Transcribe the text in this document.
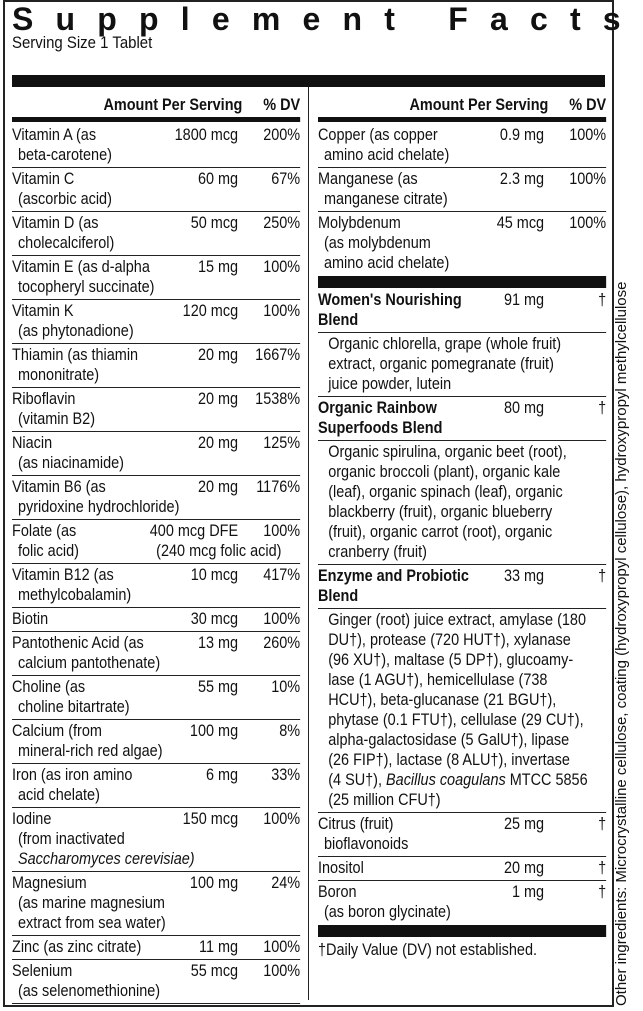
Supplement Facts
Serving Size 1 Tablet
Amount Per Serving % DV
Vitamin A (as	1800 mcg 200%
beta-carotene)
Vitamin C	60 mg 67%
(ascorbic acid)
Vitamin D (as	50 mcg 250%
cholecalciferol)
Vitamin E (as d-alpha	15 mg 100%
tocopheryl succinate)
Vitamin K	120 mcg 100%
(as phytonadione)
Thiamin (as thiamin	20 mg 1667%
mononitrate)
Riboflavin	20 mg 1538%
(vitamin B2)
Niacin	20 mg 125%
(as niacinamide)
Vitamin B6 (as	20 mg 1176%
pyridoxine hydrochloride)
Folate (as	400 mcg DFE 100%
folic acid)	(240 mcg folic acid)
Vitamin B12 (as	10 mcg 417%
methylcobalamin)
Biotin	30 mcg 100%
Pantothenic Acid (as	13 mg 260%
calcium pantothenate)
Choline (as	55 mg 10%
choline bitartrate)
Calcium (from	100 mg 8%
mineral-rich red algae)
Iron (as iron amino	6 mg 33%
acid chelate)
Iodine	150 mcg 100%
(from inactivated
Saccharomyces cerevisiae)
Magnesium	100 mg 24%
(as marine magnesium
extract from sea water)
Zinc (as zinc citrate)	11 mg 100%
Selenium	55 mcg 100%
(as selenomethionine)
Amount Per Serving % DV
Copper (as copper	0.9 mg 100%
amino acid chelate)
Manganese (as	2.3 mg 100%
manganese citrate)
Molybdenum	45 mcg 100%
(as molybdenum
amino acid chelate)
Women's Nourishing 91 mg	†
Blend
Organic chlorella, grape (whole fruit)
extract, organic pomegranate (fruit)
juice powder, lutein
Organic Rainbow	80 mg	†
Superfoods Blend
Organic spirulina, organic beet (root),
organic broccoli (plant), organic kale
(leaf), organic spinach (leaf), organic
blackberry (fruit), organic blueberry
(fruit), organic carrot (root), organic
cranberry (fruit)
Enzyme and Probiotic 33 mg	†
Blend
Ginger (root) juice extract, amylase (180
DU†), protease (720 HUT†), xylanase
(96 XU†), maltase (5 DP†), glucoamy-
lase (1 AGU†), hemicellulase (738
HCU†), beta-glucanase (21 BGU†),
phytase (0.1 FTU†), cellulase (29 CU†),
alpha-galactosidase (5 GalU†), lipase
(26 FIP†), lactase (8 ALU†), invertase
(4 SU†), Bacillus coagulans MTCC 5856
(25 million CFU†)
Citrus (fruit)	25 mg	†
bioflavonoids
Inositol	20 mg	†
Boron	1 mg	†
(as boron glycinate)
†Daily Value (DV) not established.	Other ingredients: Microcrystalline cellulose, coating (hydroxypropyl cellulose), hydroxypropyl methylcellulose
